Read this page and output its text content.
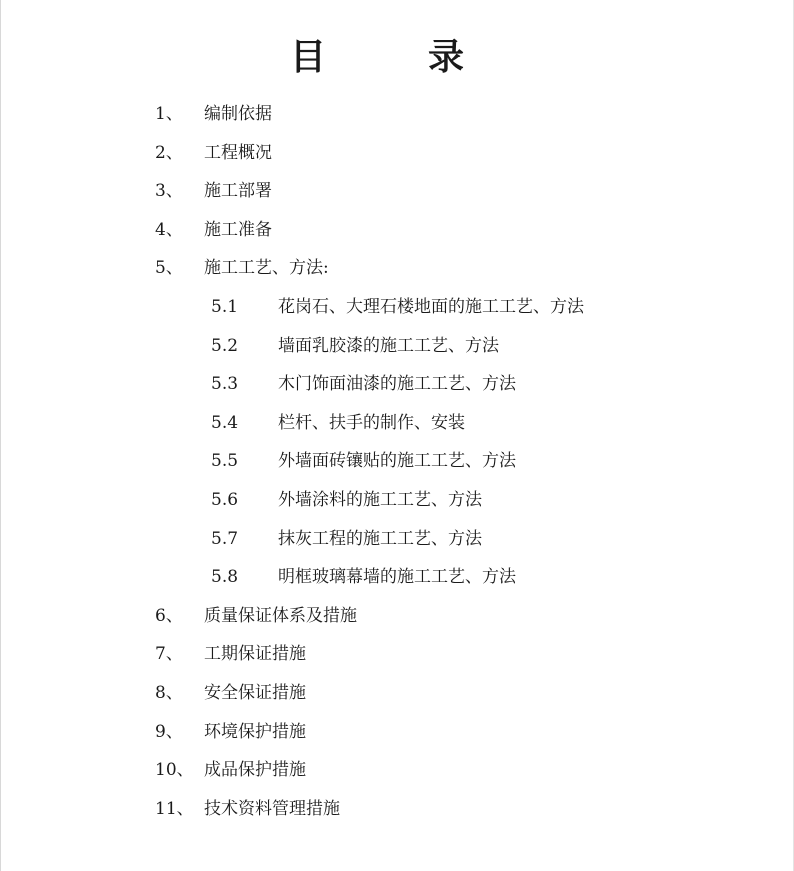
目	录
1、 编制依据
2、 工程概况
3、 施工部署
4、 施工准备
5、 施工工艺、方法:
5.1 花岗石、大理石楼地面的施工工艺、方法
5.2 墙面乳胶漆的施工工艺、方法
5.3 木门饰面油漆的施工工艺、方法
5.4 栏杆、扶手的制作、安装
5.5 外墙面砖镶贴的施工工艺、方法
5.6 外墙涂料的施工工艺、方法
5.7 抹灰工程的施工工艺、方法
5.8 明框玻璃幕墙的施工工艺、方法
6、 质量保证体系及措施
7、 工期保证措施
8、 安全保证措施
9、 环境保护措施
10、 成品保护措施
11、 技术资料管理措施
